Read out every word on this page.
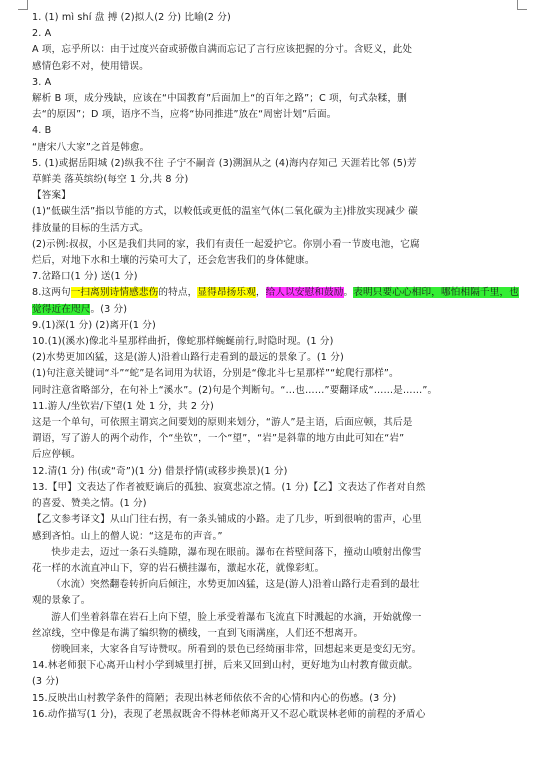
1. (1) mì shí 盘 搏 (2)拟人(2 分) 比喻(2 分)

2. A

A 项，忘乎所以：由于过度兴奋或骄傲自满而忘记了言行应该把握的分寸。含贬义，此处

感情色彩不对，使用错误。

3. A

解析 B 项，成分残缺，应该在“中国教育”后面加上“的百年之路”；C 项，句式杂糅，删

去“的原因”；D 项，语序不当，应将“协同推进”放在“周密计划”后面。

4. B

“唐宋八大家”之首是韩愈。

5. (1)或据岳阳城 (2)纵我不往 子宁不嗣音 (3)溯洄从之 (4)海内存知己 天涯若比邻 (5)芳

草鲜美 落英缤纷(每空 1 分,共 8 分)

【答案】

(1)“低碳生活”指以节能的方式，以較低或更低的温室气体(二氧化碳为主)排放实现减少 碳

排放量的目标的生活方式。

(2)示例:叔叔，小区是我们共同的家，我们有责任一起爱护它。你别小看一节废电池，它腐

烂后，对地下水和土壤的污染可大了，还会危害我们的身体健康。

7.岔路口(1 分) 送(1 分)

8.这两句一扫离别诗情感悲伤的特点，显得昂扬乐观，给人以安慰和鼓励。表明只要心心相印，哪怕相隔千里，也觉得近在咫尺。(3 分)

9.(1)深(1 分) (2)离开(1 分)

10.(1)(溪水)像北斗星那样曲折，像蛇那样蜿蜒前行,时隐时现。(1 分)

(2)水势更加凶猛，这是(游人)沿着山路行走看到的最远的景象了。(1 分)

(1)句注意关键词“斗”“蛇”是名词用为状语，分别是“像北斗七星那样”“蛇爬行那样”。

同时注意省略部分，在句补上“溪水”。(2)句是个判断句。“…也……”要翻译成“……是……”。

11.游人/坐钦岩/下望(1 处 1 分，共 2 分)

这是一个单句，可依照主谓宾之间要划的原则来划分，“游人”是主语，后面应顿，其后是

谓语，写了游人的两个动作，个“坐钦”，一个“望”，“岩”是斜靠的地方由此可知在“岩”

后应停顿。

12.清(1 分) 伟(或“奇”)(1 分) 借景抒情(或移步换景)(1 分)

13.【甲】文表达了作者被贬谪后的孤独、寂寞悲凉之情。(1 分)【乙】文表达了作者对自然

的喜爱、赞美之情。(1 分)

【乙文参考译文】从山门往右拐，有一条头铺成的小路。走了几步，听到很响的雷声，心里

感到吝怕。山上的僧人说：“这是布的声音。”

快步走去，迈过一条石头缝隙，瀑布现在眼前。瀑布在苔壁间落下，撞动山喷射出像雪

花一样的水流直冲山下，穿的岩石横挂瀑布，激起水花，就像彩虹。

（水流）突然翻卷转折向后倾注，水势更加凶猛，这是(游人)沿着山路行走看到的最壮

观的景象了。

游人们坐着斜靠在岩石上向下望，脸上承受着瀑布飞流直下时溅起的水滴，开始就像一

丝凉线，空中像是布满了编织物的横线，一直到飞雨满座，人们还不想离开。

傍晚回来，大家各自写诗赞叹。所看到的景色已经绮丽非常，回想起来更是变幻无穷。

14.林老师狠下心离开山村小学到城里打拼，后来又回到山村，更好地为山村教育做贡献。

(3 分)

15.反映出山村教学条件的简陋；表现出林老师依依不舍的心情和内心的伤感。(3 分)

16.动作描写(1 分)，表现了老黑叔既舍不得林老师离开又不忍心耽误林老师的前程的矛盾心
